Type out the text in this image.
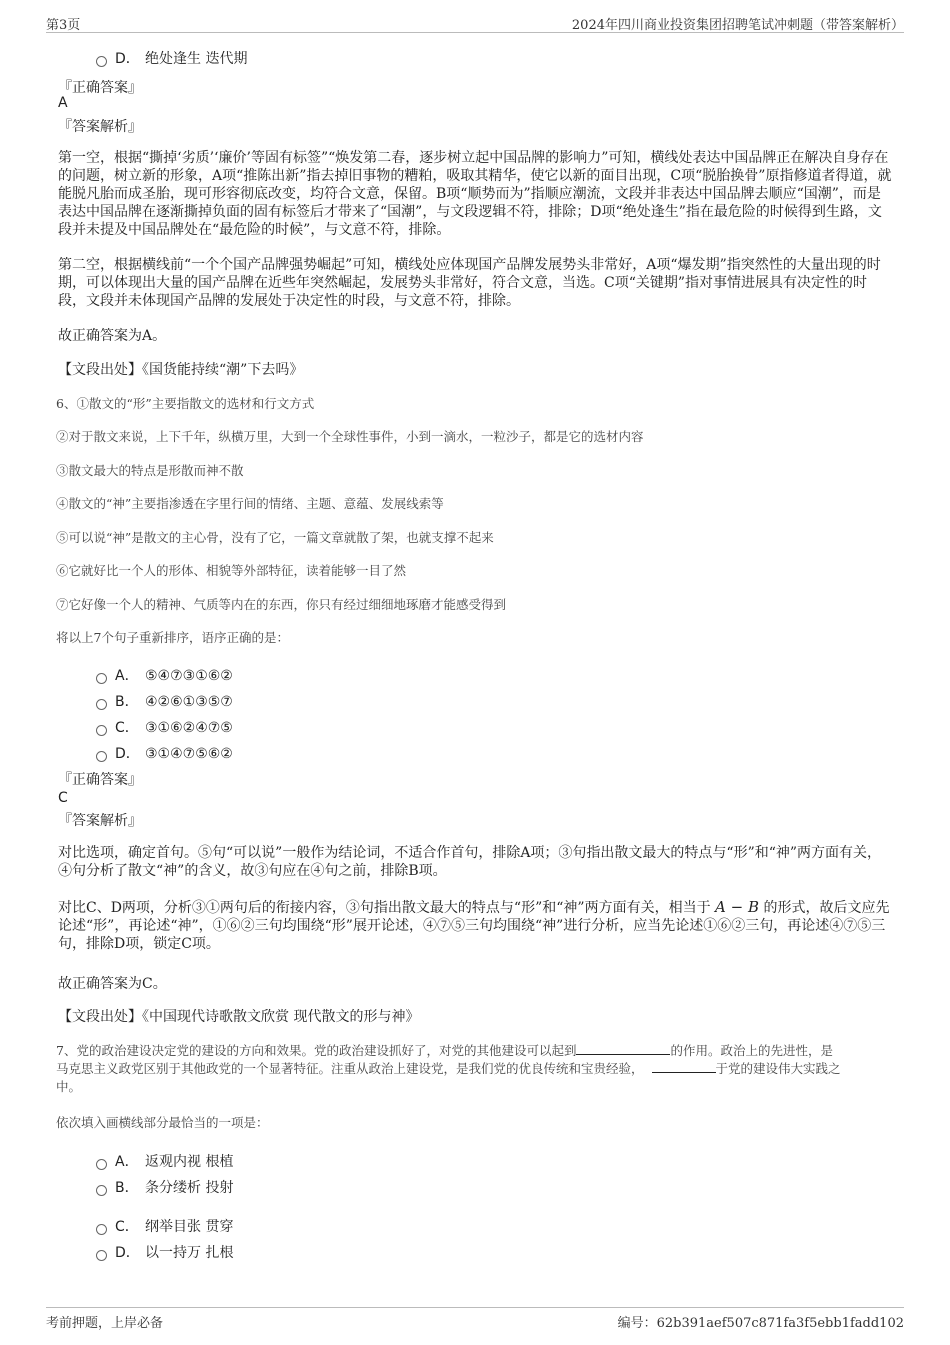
第3页	2024年四川商业投资集团招聘笔试冲刺题（带答案解析）
D． 绝处逢生 迭代期
『正确答案』
A
『答案解析』
第一空，根据“撕掉‘劣质’‘廉价’等固有标签”“焕发第二春，逐步树立起中国品牌的影响力”可知，横线处表达中国品牌正在解决自身存在的问题，树立新的形象，A项“推陈出新”指去掉旧事物的糟粕，吸取其精华，使它以新的面目出现，C项“脱胎换骨”原指修道者得道，就能脱凡胎而成圣胎，现可形容彻底改变，均符合文意，保留。B项“顺势而为”指顺应潮流，文段并非表达中国品牌去顺应“国潮”，而是表达中国品牌在逐渐撕掉负面的固有标签后才带来了“国潮”，与文段逻辑不符，排除；D项“绝处逢生”指在最危险的时候得到生路，文段并未提及中国品牌处在“最危险的时候”，与文意不符，排除。
第二空，根据横线前“一个个国产品牌强势崛起”可知，横线处应体现国产品牌发展势头非常好，A项“爆发期”指突然性的大量出现的时期，可以体现出大量的国产品牌在近些年突然崛起，发展势头非常好，符合文意，当选。C项“关键期”指对事情进展具有决定性的时段，文段并未体现国产品牌的发展处于决定性的时段，与文意不符，排除。
故正确答案为A。
【文段出处】《国货能持续“潮”下去吗》
6、①散文的“形”主要指散文的选材和行文方式
②对于散文来说，上下千年，纵横万里，大到一个全球性事件，小到一滴水，一粒沙子，都是它的选材内容
③散文最大的特点是形散而神不散
④散文的“神”主要指渗透在字里行间的情绪、主题、意蕴、发展线索等
⑤可以说“神”是散文的主心骨，没有了它，一篇文章就散了架，也就支撑不起来
⑥它就好比一个人的形体、相貌等外部特征，读着能够一目了然
⑦它好像一个人的精神、气质等内在的东西，你只有经过细细地琢磨才能感受得到
将以上7个句子重新排序，语序正确的是：
A． ⑤④⑦③①⑥②
B． ④②⑥①③⑤⑦
C． ③①⑥②④⑦⑤
D． ③①④⑦⑤⑥②
『正确答案』
C
『答案解析』
对比选项，确定首句。⑤句“可以说”一般作为结论词，不适合作首句，排除A项；③句指出散文最大的特点与“形”和“神”两方面有关，④句分析了散文“神”的含义，故③句应在④句之前，排除B项。
对比C、D两项，分析③①两句后的衔接内容，③句指出散文最大的特点与“形”和“神”两方面有关，相当于 A − B 的形式，故后文应先论述“形”，再论述“神”，①⑥②三句均围绕“形”展开论述，④⑦⑤三句均围绕“神”进行分析，应当先论述①⑥②三句，再论述④⑦⑤三句，排除D项，锁定C项。
故正确答案为C。
【文段出处】《中国现代诗歌散文欣赏 现代散文的形与神》
7、党的政治建设决定党的建设的方向和效果。党的政治建设抓好了，对党的其他建设可以起到	的作用。政治上的先进性，是
马克思主义政党区别于其他政党的一个显著特征。注重从政治上建设党，是我们党的优良传统和宝贵经验，	于党的建设伟大实践之
中。
依次填入画横线部分最恰当的一项是：
A． 返观内视 根植
B． 条分缕析 投射
C． 纲举目张 贯穿
D． 以一持万 扎根
考前押题，上岸必备	编号：62b391aef507c871fa3f5ebb1fadd102
